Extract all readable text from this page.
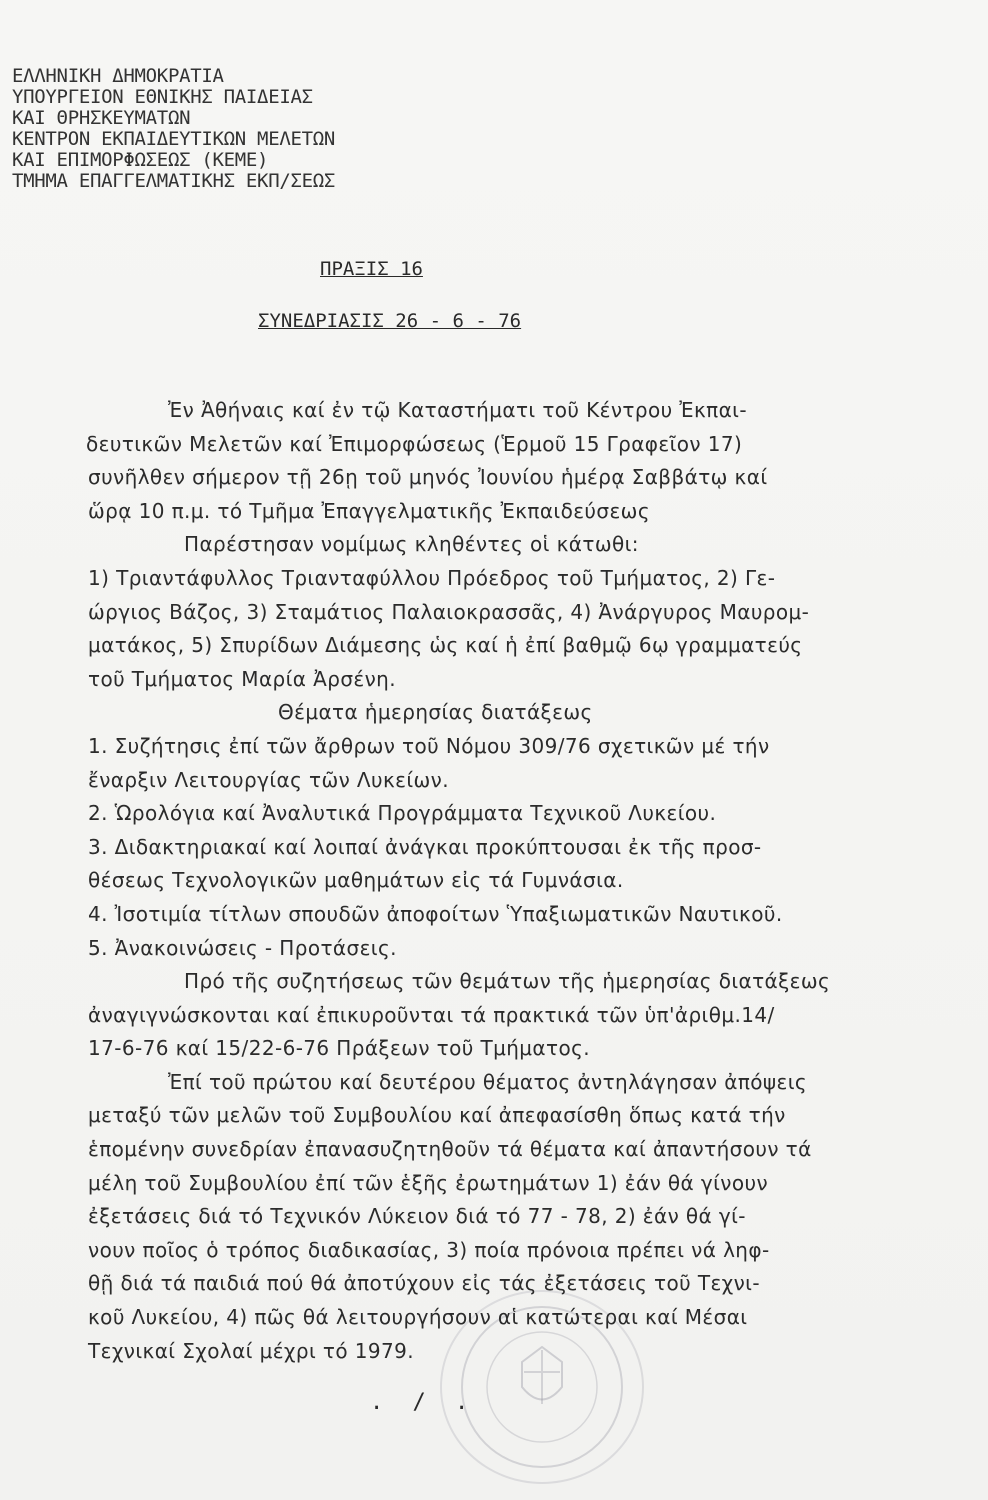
ΕΛΛΗΝΙΚΗ ΔΗΜΟΚΡΑΤΙΑ
ΥΠΟΥΡΓΕΙΟΝ ΕΘΝΙΚΗΣ ΠΑΙΔΕΙΑΣ
ΚΑΙ ΘΡΗΣΚΕΥΜΑΤΩΝ
ΚΕΝΤΡΟΝ ΕΚΠΑΙΔΕΥΤΙΚΩΝ ΜΕΛΕΤΩΝ
ΚΑΙ ΕΠΙΜΟΡΦΩΣΕΩΣ (ΚΕΜΕ)
ΤΜΗΜΑ ΕΠΑΓΓΕΛΜΑΤΙΚΗΣ ΕΚΠ/ΣΕΩΣ
ΠΡΑΞΙΣ 16
ΣΥΝΕΔΡΙΑΣΙΣ 26 - 6 - 76
Ἐν Ἀθήναις καί ἐν τῷ Καταστήματι τοῦ Κέντρου Ἐκπαι-
δευτικῶν Μελετῶν καί Ἐπιμορφώσεως (Ἑρμοῦ 15 Γραφεῖον 17)
συνῆλθεν σήμερον τῇ 26ῃ τοῦ μηνός Ἰουνίου ἡμέρᾳ Σαββάτῳ καί
ὥρᾳ 10 π.μ. τό Τμῆμα Ἐπαγγελματικῆς Ἐκπαιδεύσεως
Παρέστησαν νομίμως κληθέντες οἱ κάτωθι:
1) Τριαντάφυλλος Τριανταφύλλου Πρόεδρος τοῦ Τμήματος, 2) Γε-
ώργιος Βάζος, 3) Σταμάτιος Παλαιοκρασσᾶς, 4) Ἀνάργυρος Μαυρομ-
ματάκος, 5) Σπυρίδων Διάμεσης ὡς καί ἡ ἐπί βαθμῷ 6ῳ γραμματεύς
τοῦ Τμήματος Μαρία Ἀρσένη.
Θέματα ἡμερησίας διατάξεως
1. Συζήτησις ἐπί τῶν ἄρθρων τοῦ Νόμου 309/76 σχετικῶν μέ τήν
ἔναρξιν Λειτουργίας τῶν Λυκείων.
2. Ὡρολόγια καί Ἀναλυτικά Προγράμματα Τεχνικοῦ Λυκείου.
3. Διδακτηριακαί καί λοιπαί ἀνάγκαι προκύπτουσαι ἐκ τῆς προσ-
θέσεως Τεχνολογικῶν μαθημάτων εἰς τά Γυμνάσια.
4. Ἰσοτιμία τίτλων σπουδῶν ἀποφοίτων Ὑπαξιωματικῶν Ναυτικοῦ.
5. Ἀνακοινώσεις - Προτάσεις.
Πρό τῆς συζητήσεως τῶν θεμάτων τῆς ἡμερησίας διατάξεως
ἀναγιγνώσκονται καί ἐπικυροῦνται τά πρακτικά τῶν ὑπ'ἀριθμ.14/
17-6-76 καί 15/22-6-76 Πράξεων τοῦ Τμήματος.
Ἐπί τοῦ πρώτου καί δευτέρου θέματος ἀντηλάγησαν ἀπόψεις
μεταξύ τῶν μελῶν τοῦ Συμβουλίου καί ἀπεφασίσθη ὅπως κατά τήν
ἑπομένην συνεδρίαν ἐπανασυζητηθοῦν τά θέματα καί ἀπαντήσουν τά
μέλη τοῦ Συμβουλίου ἐπί τῶν ἑξῆς ἐρωτημάτων 1) ἐάν θά γίνουν
ἐξετάσεις διά τό Τεχνικόν Λύκειον διά τό 77 - 78, 2) ἐάν θά γί-
νουν ποῖος ὁ τρόπος διαδικασίας, 3) ποία πρόνοια πρέπει νά ληφ-
θῇ διά τά παιδιά πού θά ἀποτύχουν εἰς τάς ἐξετάσεις τοῦ Τεχνι-
κοῦ Λυκείου, 4) πῶς θά λειτουργήσουν αἱ κατώτεραι καί Μέσαι
Τεχνικαί Σχολαί μέχρι τό 1979.
. / .
